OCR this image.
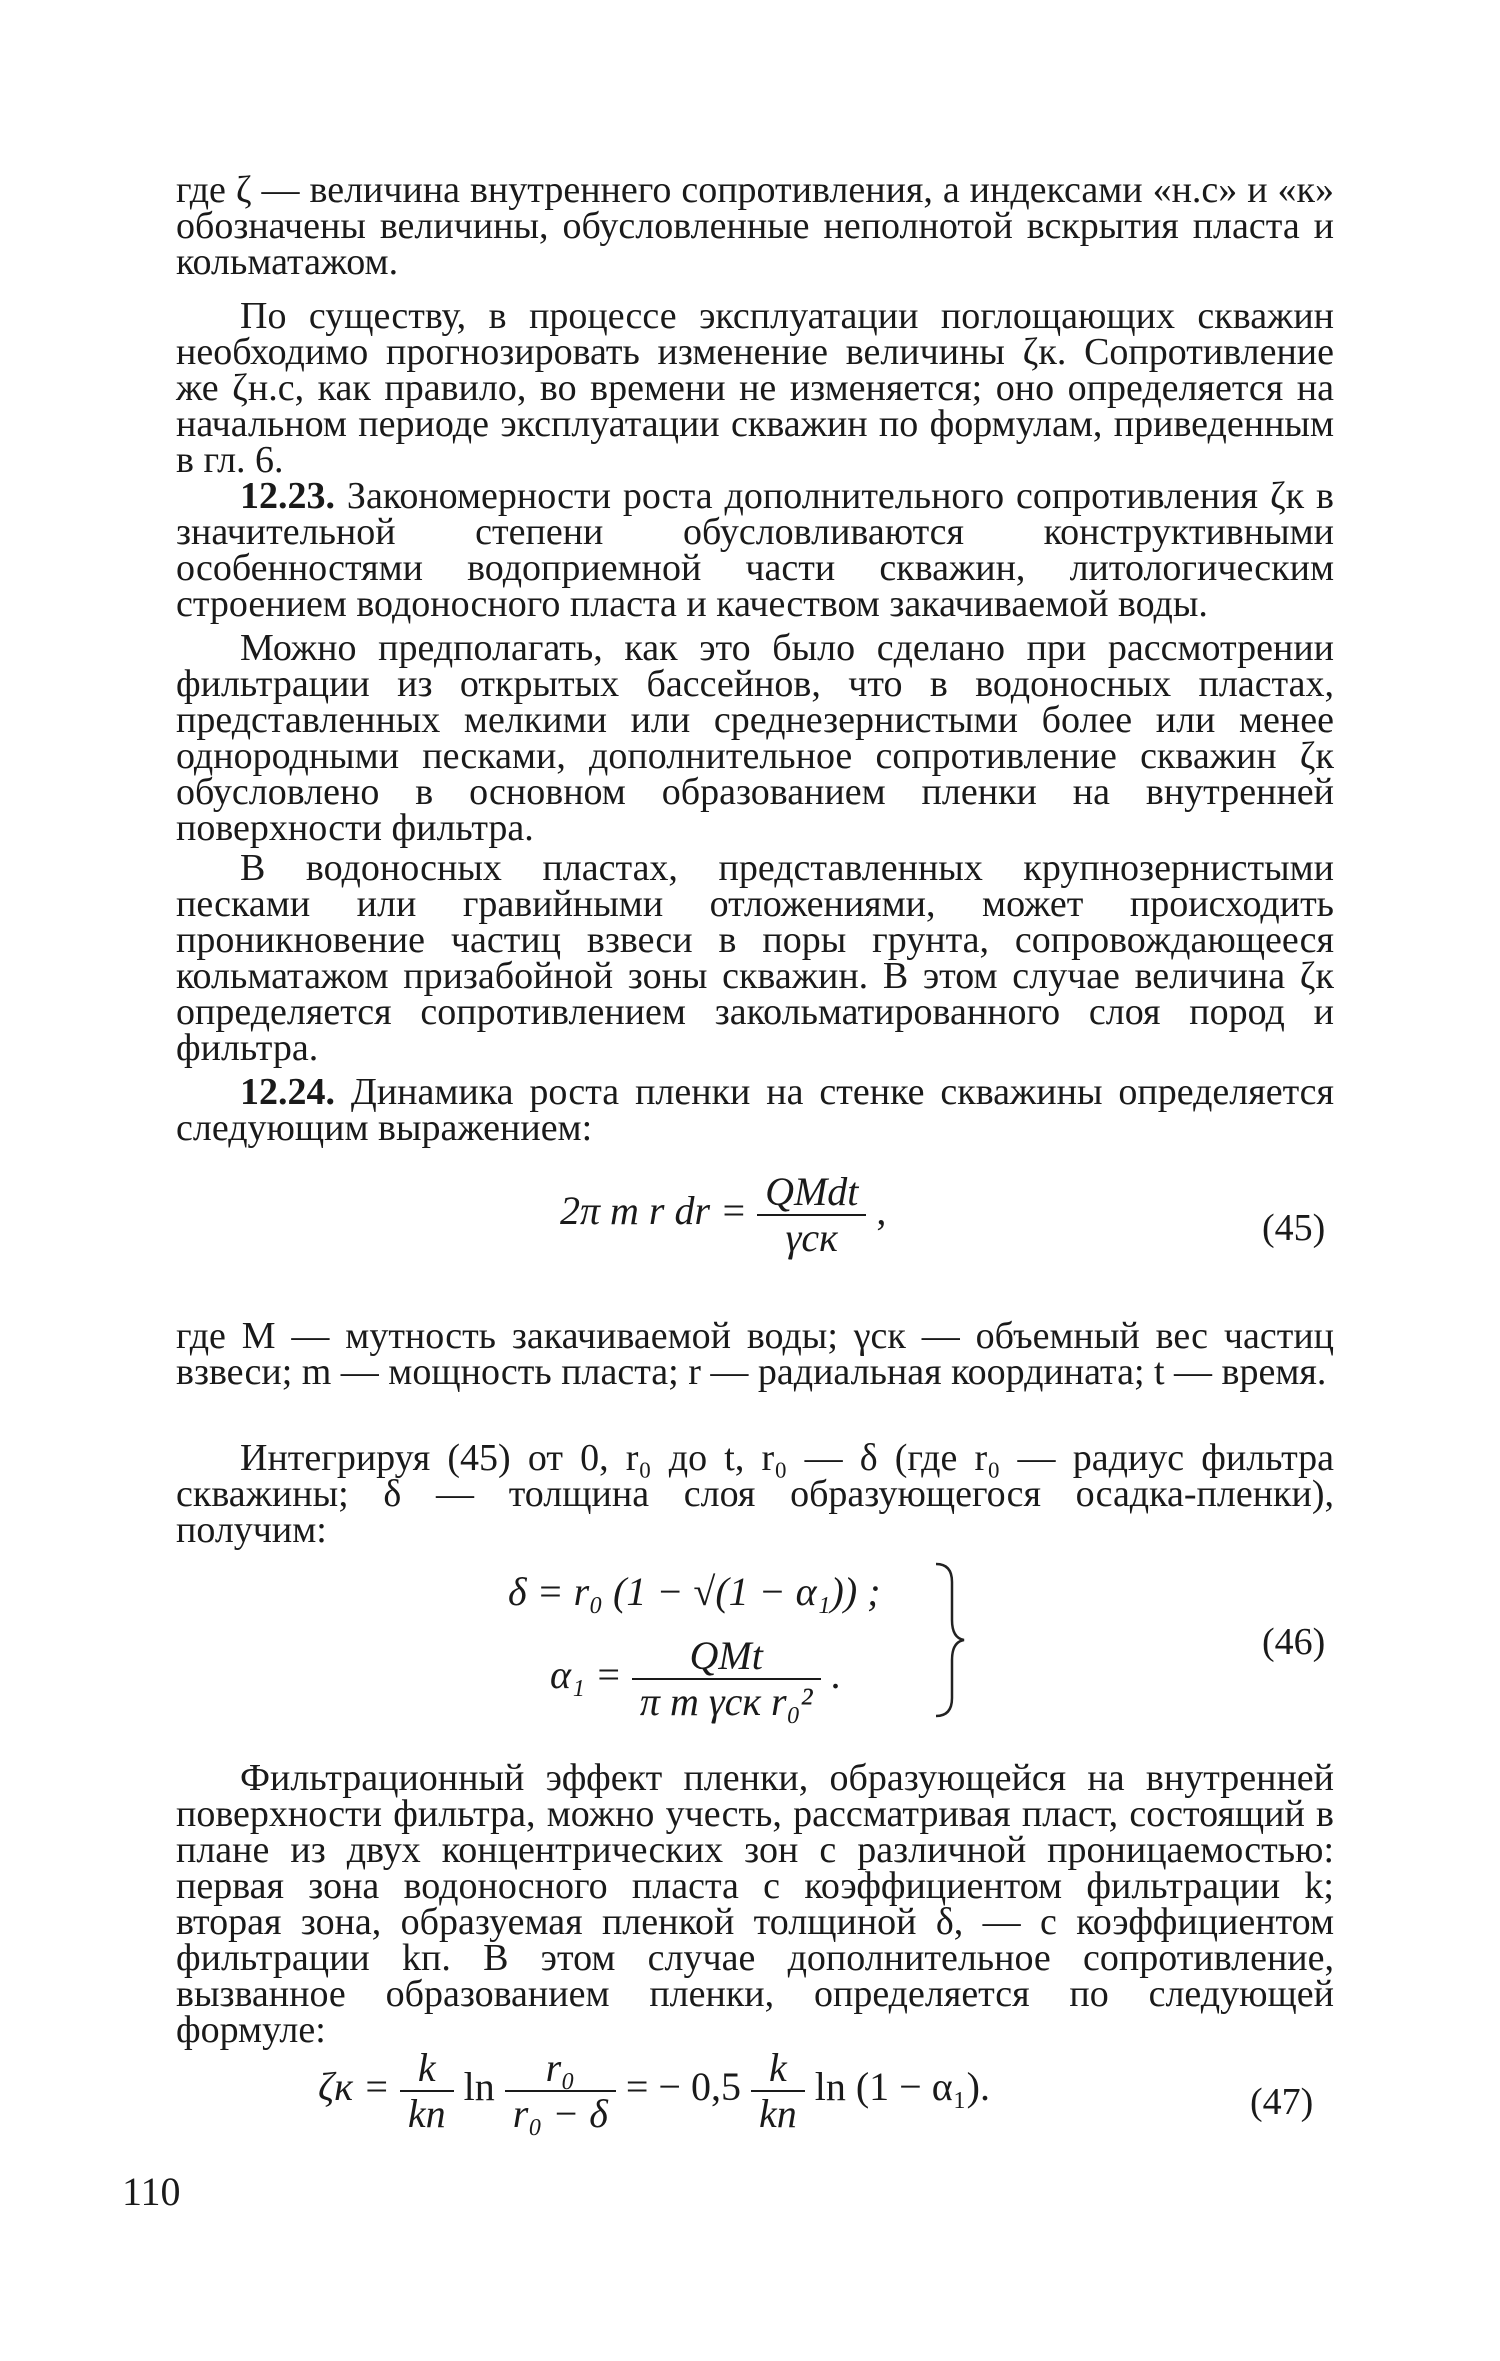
где ζ — величина внутреннего сопротивления, а индексами «н.с» и «к» обозначены величины, обусловленные неполнотой вскрытия пласта и кольматажом.

По существу, в процессе эксплуатации поглощающих скважин необходимо прогнозировать изменение величины ζк. Сопротивление же ζн.с, как правило, во времени не изменяется; оно определяется на начальном периоде эксплуатации скважин по формулам, приведенным в гл. 6.

12.23. Закономерности роста дополнительного сопротивления ζк в значительной степени обусловливаются конструктивными особенностями водоприемной части скважин, литологическим строением водоносного пласта и качеством закачиваемой воды.

Можно предполагать, как это было сделано при рассмотрении фильтрации из открытых бассейнов, что в водоносных пластах, представленных мелкими или среднезернистыми более или менее однородными песками, дополнительное сопротивление скважин ζк обусловлено в основном образованием пленки на внутренней поверхности фильтра.

В водоносных пластах, представленных крупнозернистыми песками или гравийными отложениями, может происходить проникновение частиц взвеси в поры грунта, сопровождающееся кольматажом призабойной зоны скважин. В этом случае величина ζк определяется сопротивлением закольматированного слоя пород и фильтра.

12.24. Динамика роста пленки на стенке скважины определяется следующим выражением:

2π m r dr = $\frac{\text{QMdt}}{\text{γск}}$ ,	(45)

где M — мутность закачиваемой воды; γск — объемный вес частиц взвеси; m — мощность пласта; r — радиальная координата; t — время.

Интегрируя (45) от 0, r₀ до t, r₀ — δ (где r₀ — радиус фильтра скважины; δ — толщина слоя образующегося осадка-пленки), получим:

δ = r₀ (1 − √(1 − α₁)) ;
$\alpha_1 = \frac{\text{QMt}}{\text{π m γск r₀²}}$ .
(46)

Фильтрационный эффект пленки, образующейся на внутренней поверхности фильтра, можно учесть, рассматривая пласт, состоящий в плане из двух концентрических зон с различной проницаемостью: первая зона водоносного пласта с коэффициентом фильтрации k; вторая зона, образуемая пленкой толщиной δ, — с коэффициентом фильтрации kп. В этом случае дополнительное сопротивление, вызванное образованием пленки, определяется по следующей формуле:

$\zeta к = \frac{k}{kп}$ $\ln \frac{\text{r₀}}{\text{r₀ − δ}}$ = − $0,5 \frac{k}{kп}$ ln (1 − α₁).	(47)
110
